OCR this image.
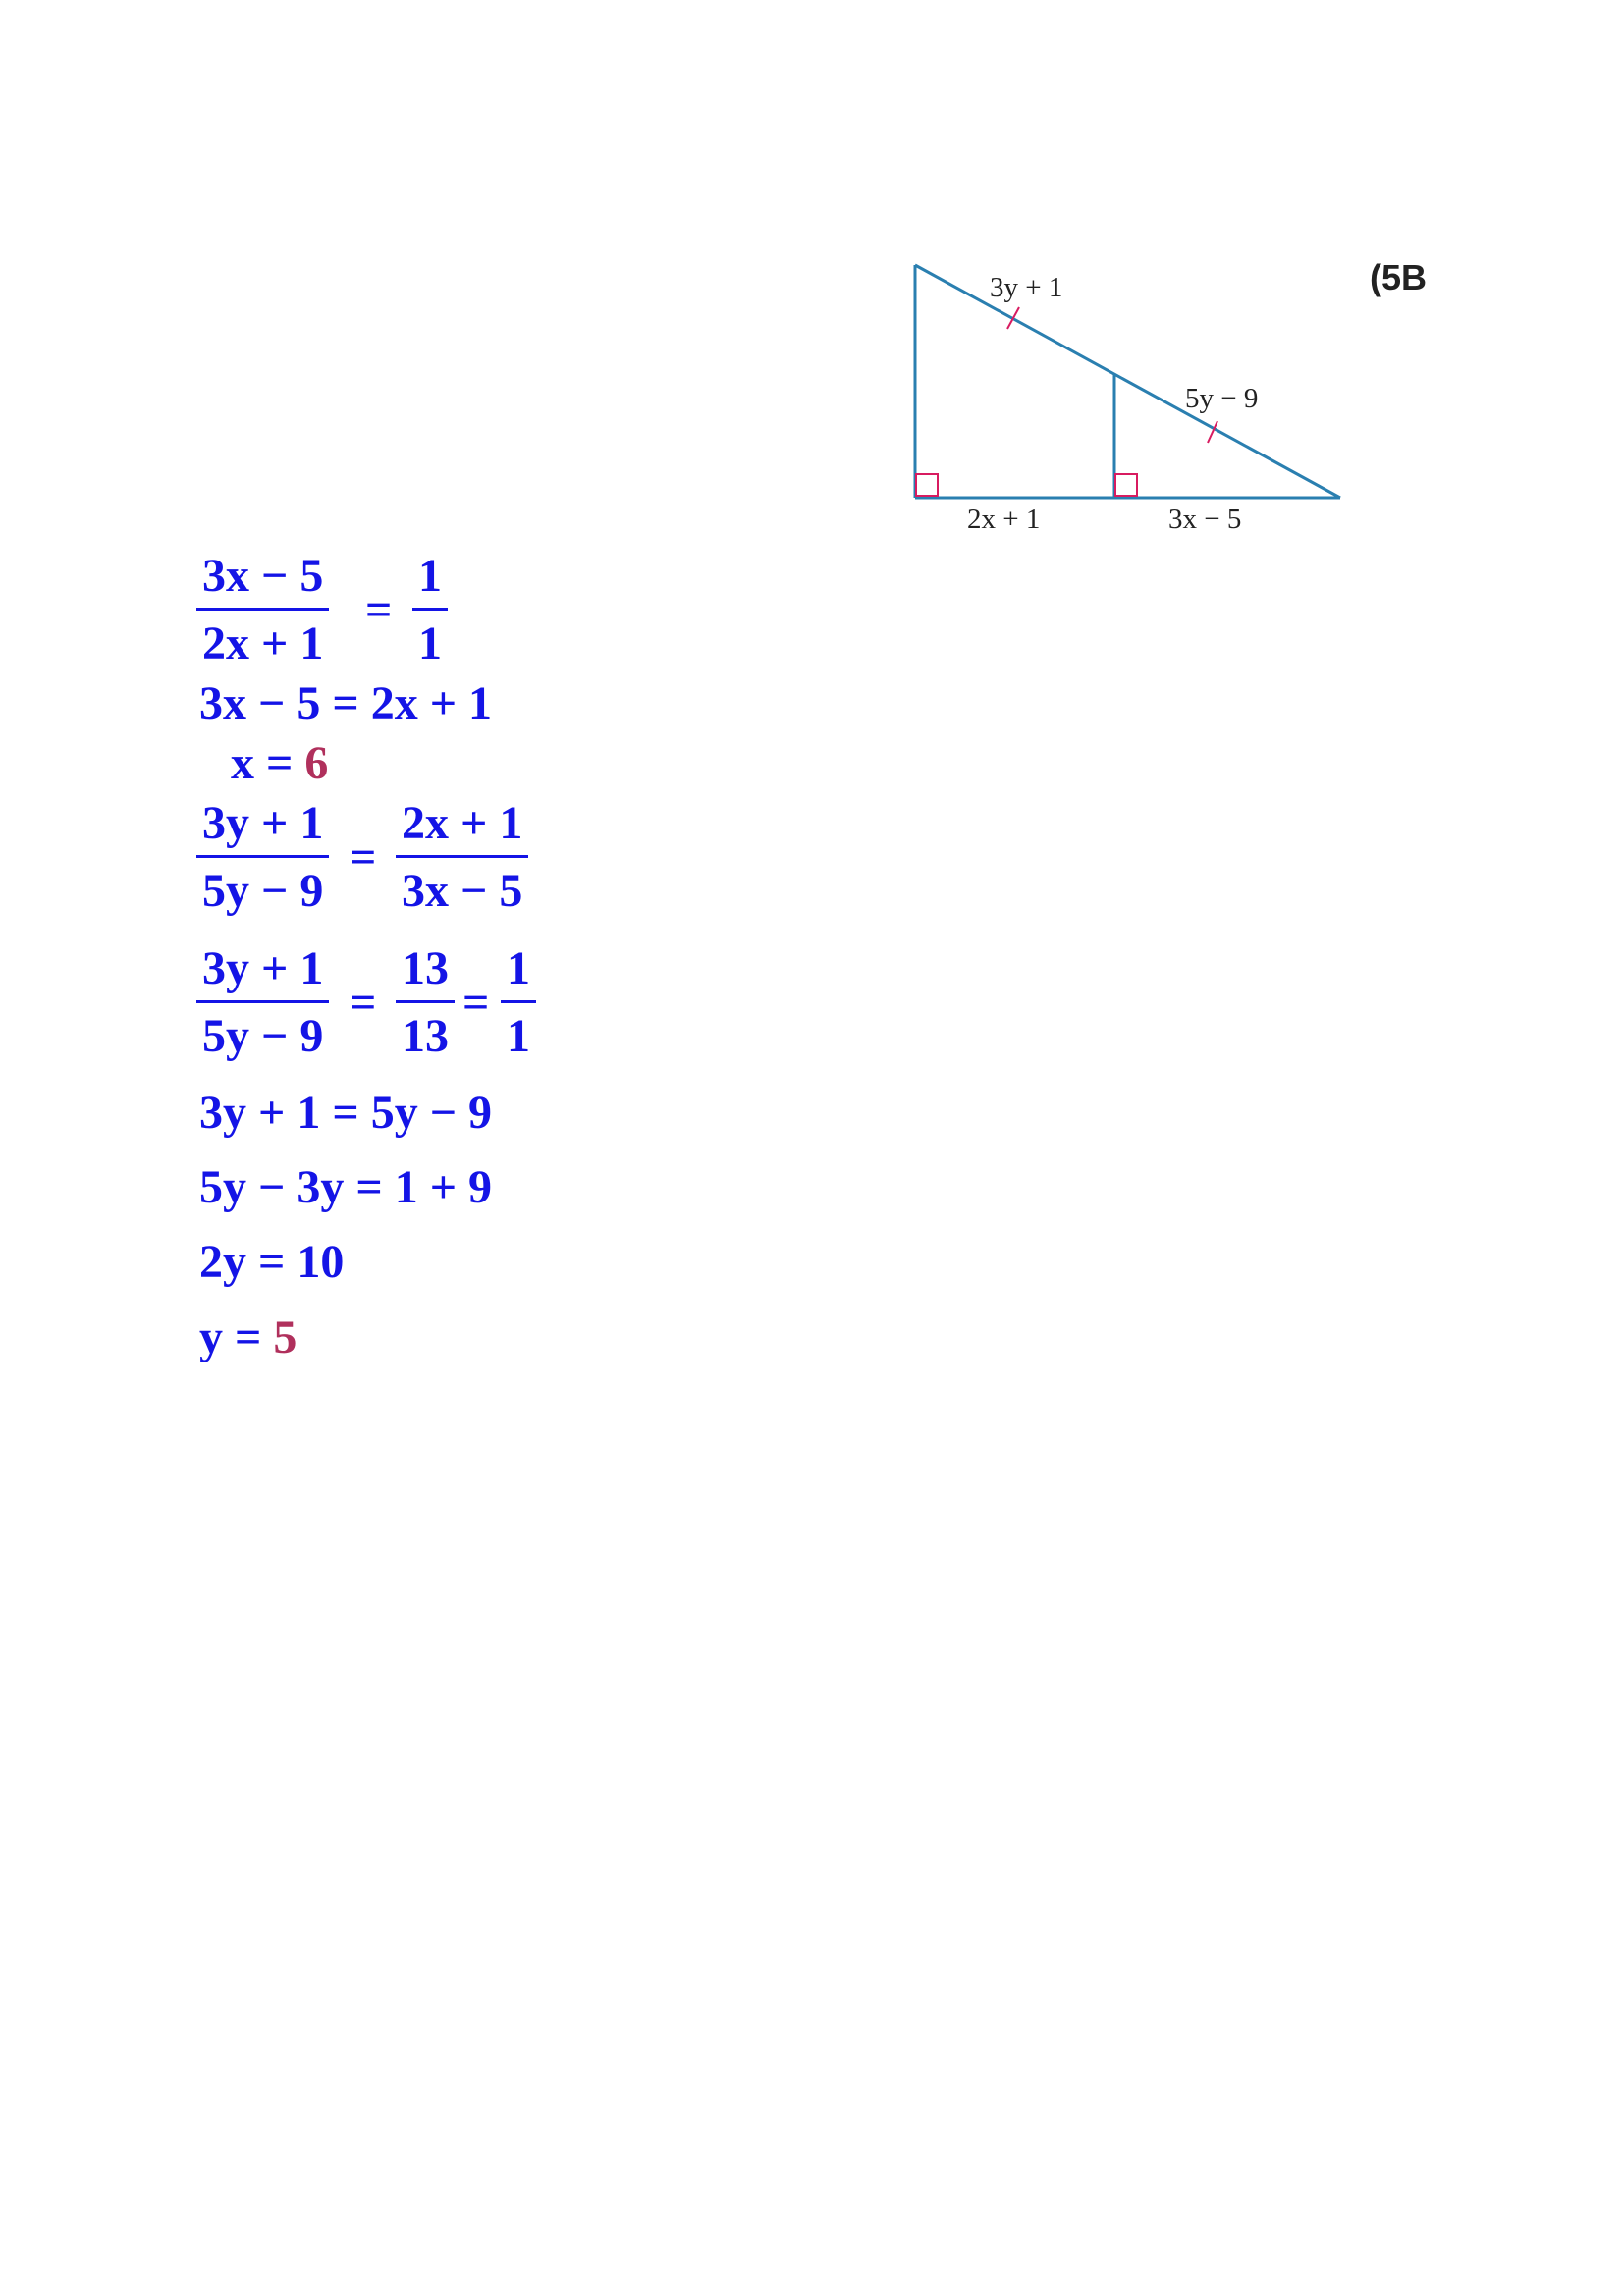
3y + 1
5y − 9
2x + 1	3x − 5
(5B
$\frac{3x - 5}{2x + 1} = \frac{1}{1}$
3x − 5 = 2x + 1
x = 6
$\frac{3y + 1}{5y - 9} = \frac{2x + 1}{3x - 5}$
$\frac{3y + 1}{5y - 9} = \frac{13}{13} = \frac{1}{1}$
3y + 1 = 5y − 9
5y − 3y = 1 + 9
2y = 10
y = 5
